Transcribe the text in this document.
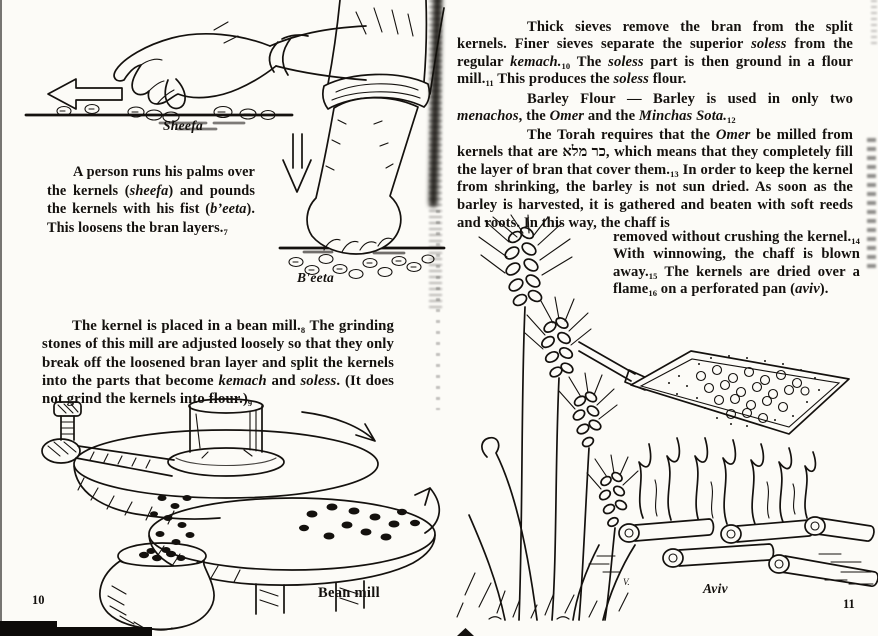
Sheefa

A person runs his palms over the kernels (sheefa) and pounds the kernels with his fist (b’eeta). This loosens the bran $layers._7$

B'eeta

The kernel is placed in a bean $mill._8$ The grinding stones of this mill are adjusted loosely so that they only break off the loosened bran layer and split the kernels into the parts that become kemach and soless. (It does not grind the kernels into $flour.)_9$

Bean mill
10

Thick sieves remove the bran from the split kernels. Finer sieves separate the superior soless from the regular $kemach._{10}$ The soless part is then ground in a flour $mill._{11}$ This produces the soless flour.

Barley Flour — Barley is used in only two menachos, the Omer and the Minchas $Sota._{12}$

The Torah requires that the Omer be milled from kernels that are כר מלא, which means that they completely fill the layer of bran that cover $them._{13}$ In order to keep the kernel from shrinking, the barley is not sun dried. As soon as the barley is harvested, it is gathered and beaten with soft reeds and roots. In this way, the chaff is

removed without crushing the $kernel._{14}$ With winnowing, the chaff is blown $away._{15}$ The kernels are dried over a flame$_{16}$ on a perforated pan (aviv).

V.	Aviv
11
